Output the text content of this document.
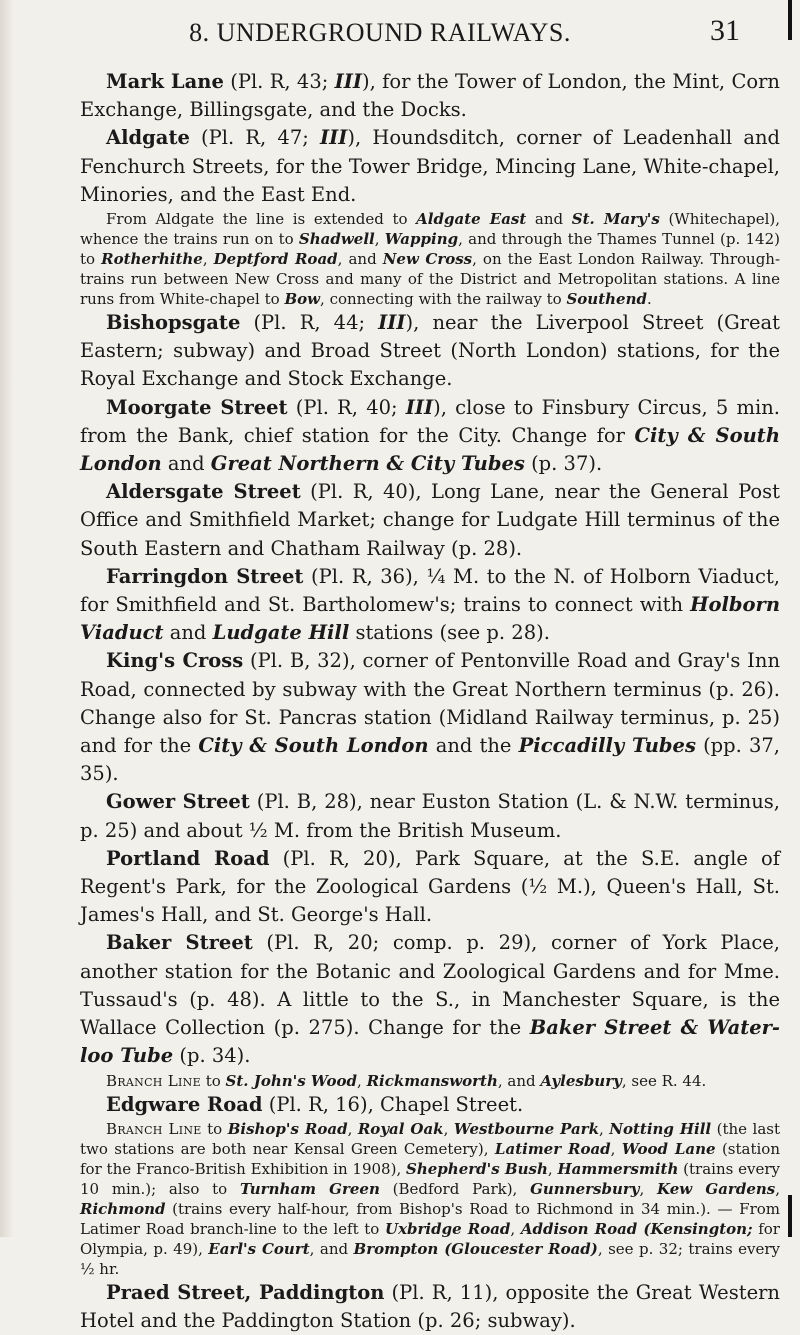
8. UNDERGROUND RAILWAYS.	31

Mark Lane (Pl. R, 43; III), for the Tower of London, the Mint, Corn Exchange, Billingsgate, and the Docks.

Aldgate (Pl. R, 47; III), Houndsditch, corner of Leadenhall and Fenchurch Streets, for the Tower Bridge, Mincing Lane, White-chapel, Minories, and the East End.

From Aldgate the line is extended to Aldgate East and St. Mary's (Whitechapel), whence the trains run on to Shadwell, Wapping, and through the Thames Tunnel (p. 142) to Rotherhithe, Deptford Road, and New Cross, on the East London Railway. Through-trains run between New Cross and many of the District and Metropolitan stations. A line runs from White-chapel to Bow, connecting with the railway to Southend.

Bishopsgate (Pl. R, 44; III), near the Liverpool Street (Great Eastern; subway) and Broad Street (North London) stations, for the Royal Exchange and Stock Exchange.

Moorgate Street (Pl. R, 40; III), close to Finsbury Circus, 5 min. from the Bank, chief station for the City. Change for City & South London and Great Northern & City Tubes (p. 37).

Aldersgate Street (Pl. R, 40), Long Lane, near the General Post Office and Smithfield Market; change for Ludgate Hill terminus of the South Eastern and Chatham Railway (p. 28).

Farringdon Street (Pl. R, 36), ¼ M. to the N. of Holborn Viaduct, for Smithfield and St. Bartholomew's; trains to connect with Holborn Viaduct and Ludgate Hill stations (see p. 28).

King's Cross (Pl. B, 32), corner of Pentonville Road and Gray's Inn Road, connected by subway with the Great Northern terminus (p. 26). Change also for St. Pancras station (Midland Railway terminus, p. 25) and for the City & South London and the Piccadilly Tubes (pp. 37, 35).

Gower Street (Pl. B, 28), near Euston Station (L. & N.W. terminus, p. 25) and about ½ M. from the British Museum.

Portland Road (Pl. R, 20), Park Square, at the S.E. angle of Regent's Park, for the Zoological Gardens (½ M.), Queen's Hall, St. James's Hall, and St. George's Hall.

Baker Street (Pl. R, 20; comp. p. 29), corner of York Place, another station for the Botanic and Zoological Gardens and for Mme. Tussaud's (p. 48). A little to the S., in Manchester Square, is the Wallace Collection (p. 275). Change for the Baker Street & Water-loo Tube (p. 34).

Branch Line to St. John's Wood, Rickmansworth, and Aylesbury, see R. 44.

Edgware Road (Pl. R, 16), Chapel Street.

Branch Line to Bishop's Road, Royal Oak, Westbourne Park, Notting Hill (the last two stations are both near Kensal Green Cemetery), Latimer Road, Wood Lane (station for the Franco-British Exhibition in 1908), Shepherd's Bush, Hammersmith (trains every 10 min.); also to Turnham Green (Bedford Park), Gunnersbury, Kew Gardens, Richmond (trains every half-hour, from Bishop's Road to Richmond in 34 min.). — From Latimer Road branch-line to the left to Uxbridge Road, Addison Road (Kensington; for Olympia, p. 49), Earl's Court, and Brompton (Gloucester Road), see p. 32; trains every ½ hr.

Praed Street, Paddington (Pl. R, 11), opposite the Great Western Hotel and the Paddington Station (p. 26; subway).
